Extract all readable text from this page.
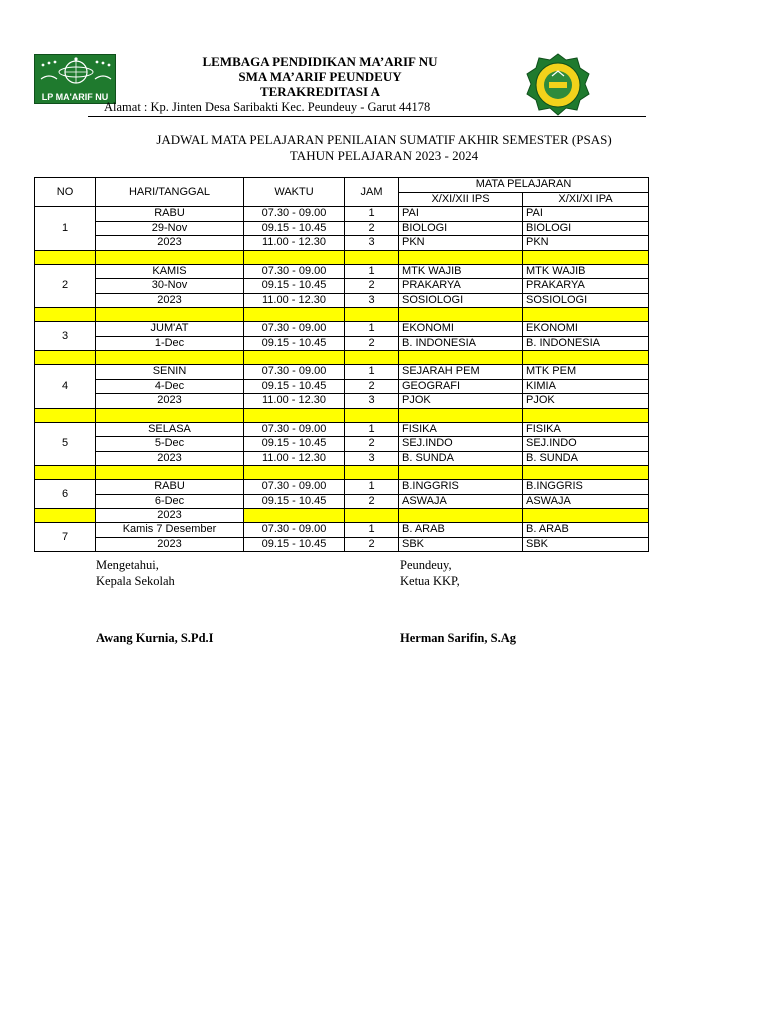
LP MA'ARIF NU
LEMBAGA PENDIDIKAN MA’ARIF NU
SMA MA’ARIF PEUNDEUY
TERAKREDITASI A
Alamat : Kp. Jinten Desa Saribakti Kec. Peundeuy - Garut 44178
JADWAL MATA PELAJARAN PENILAIAN SUMATIF AKHIR SEMESTER (PSAS)
TAHUN PELAJARAN 2023 - 2024
NO	HARI/TANGGAL	WAKTU	JAM	MATA PELAJARAN	
				X/XI/XII IPS	X/XI/XI IPA
1	RABU	07.30 - 09.00	1	PAI	PAI
	29-Nov	09.15 - 10.45	2	BIOLOGI	BIOLOGI
	2023	11.00 - 12.30	3	PKN	PKN

2	KAMIS	07.30 - 09.00	1	MTK WAJIB	MTK WAJIB
	30-Nov	09.15 - 10.45	2	PRAKARYA	PRAKARYA
	2023	11.00 - 12.30	3	SOSIOLOGI	SOSIOLOGI

3	JUM'AT	07.30 - 09.00	1	EKONOMI	EKONOMI
	1-Dec	09.15 - 10.45	2	B. INDONESIA	B. INDONESIA

4	SENIN	07.30 - 09.00	1	SEJARAH PEM	MTK PEM
	4-Dec	09.15 - 10.45	2	GEOGRAFI	KIMIA
	2023	11.00 - 12.30	3	PJOK	PJOK

5	SELASA	07.30 - 09.00	1	FISIKA	FISIKA
	5-Dec	09.15 - 10.45	2	SEJ.INDO	SEJ.INDO
	2023	11.00 - 12.30	3	B. SUNDA	B. SUNDA

6	RABU	07.30 - 09.00	1	B.INGGRIS	B.INGGRIS
	6-Dec	09.15 - 10.45	2	ASWAJA	ASWAJA
	2023				
7	Kamis 7 Desember	07.30 - 09.00	1	B. ARAB	B. ARAB
	2023	09.15 - 10.45	2	SBK	SBK
Mengetahui,
Kepala Sekolah
Awang Kurnia, S.Pd.I
Peundeuy,
Ketua KKP,
Herman Sarifin, S.Ag
